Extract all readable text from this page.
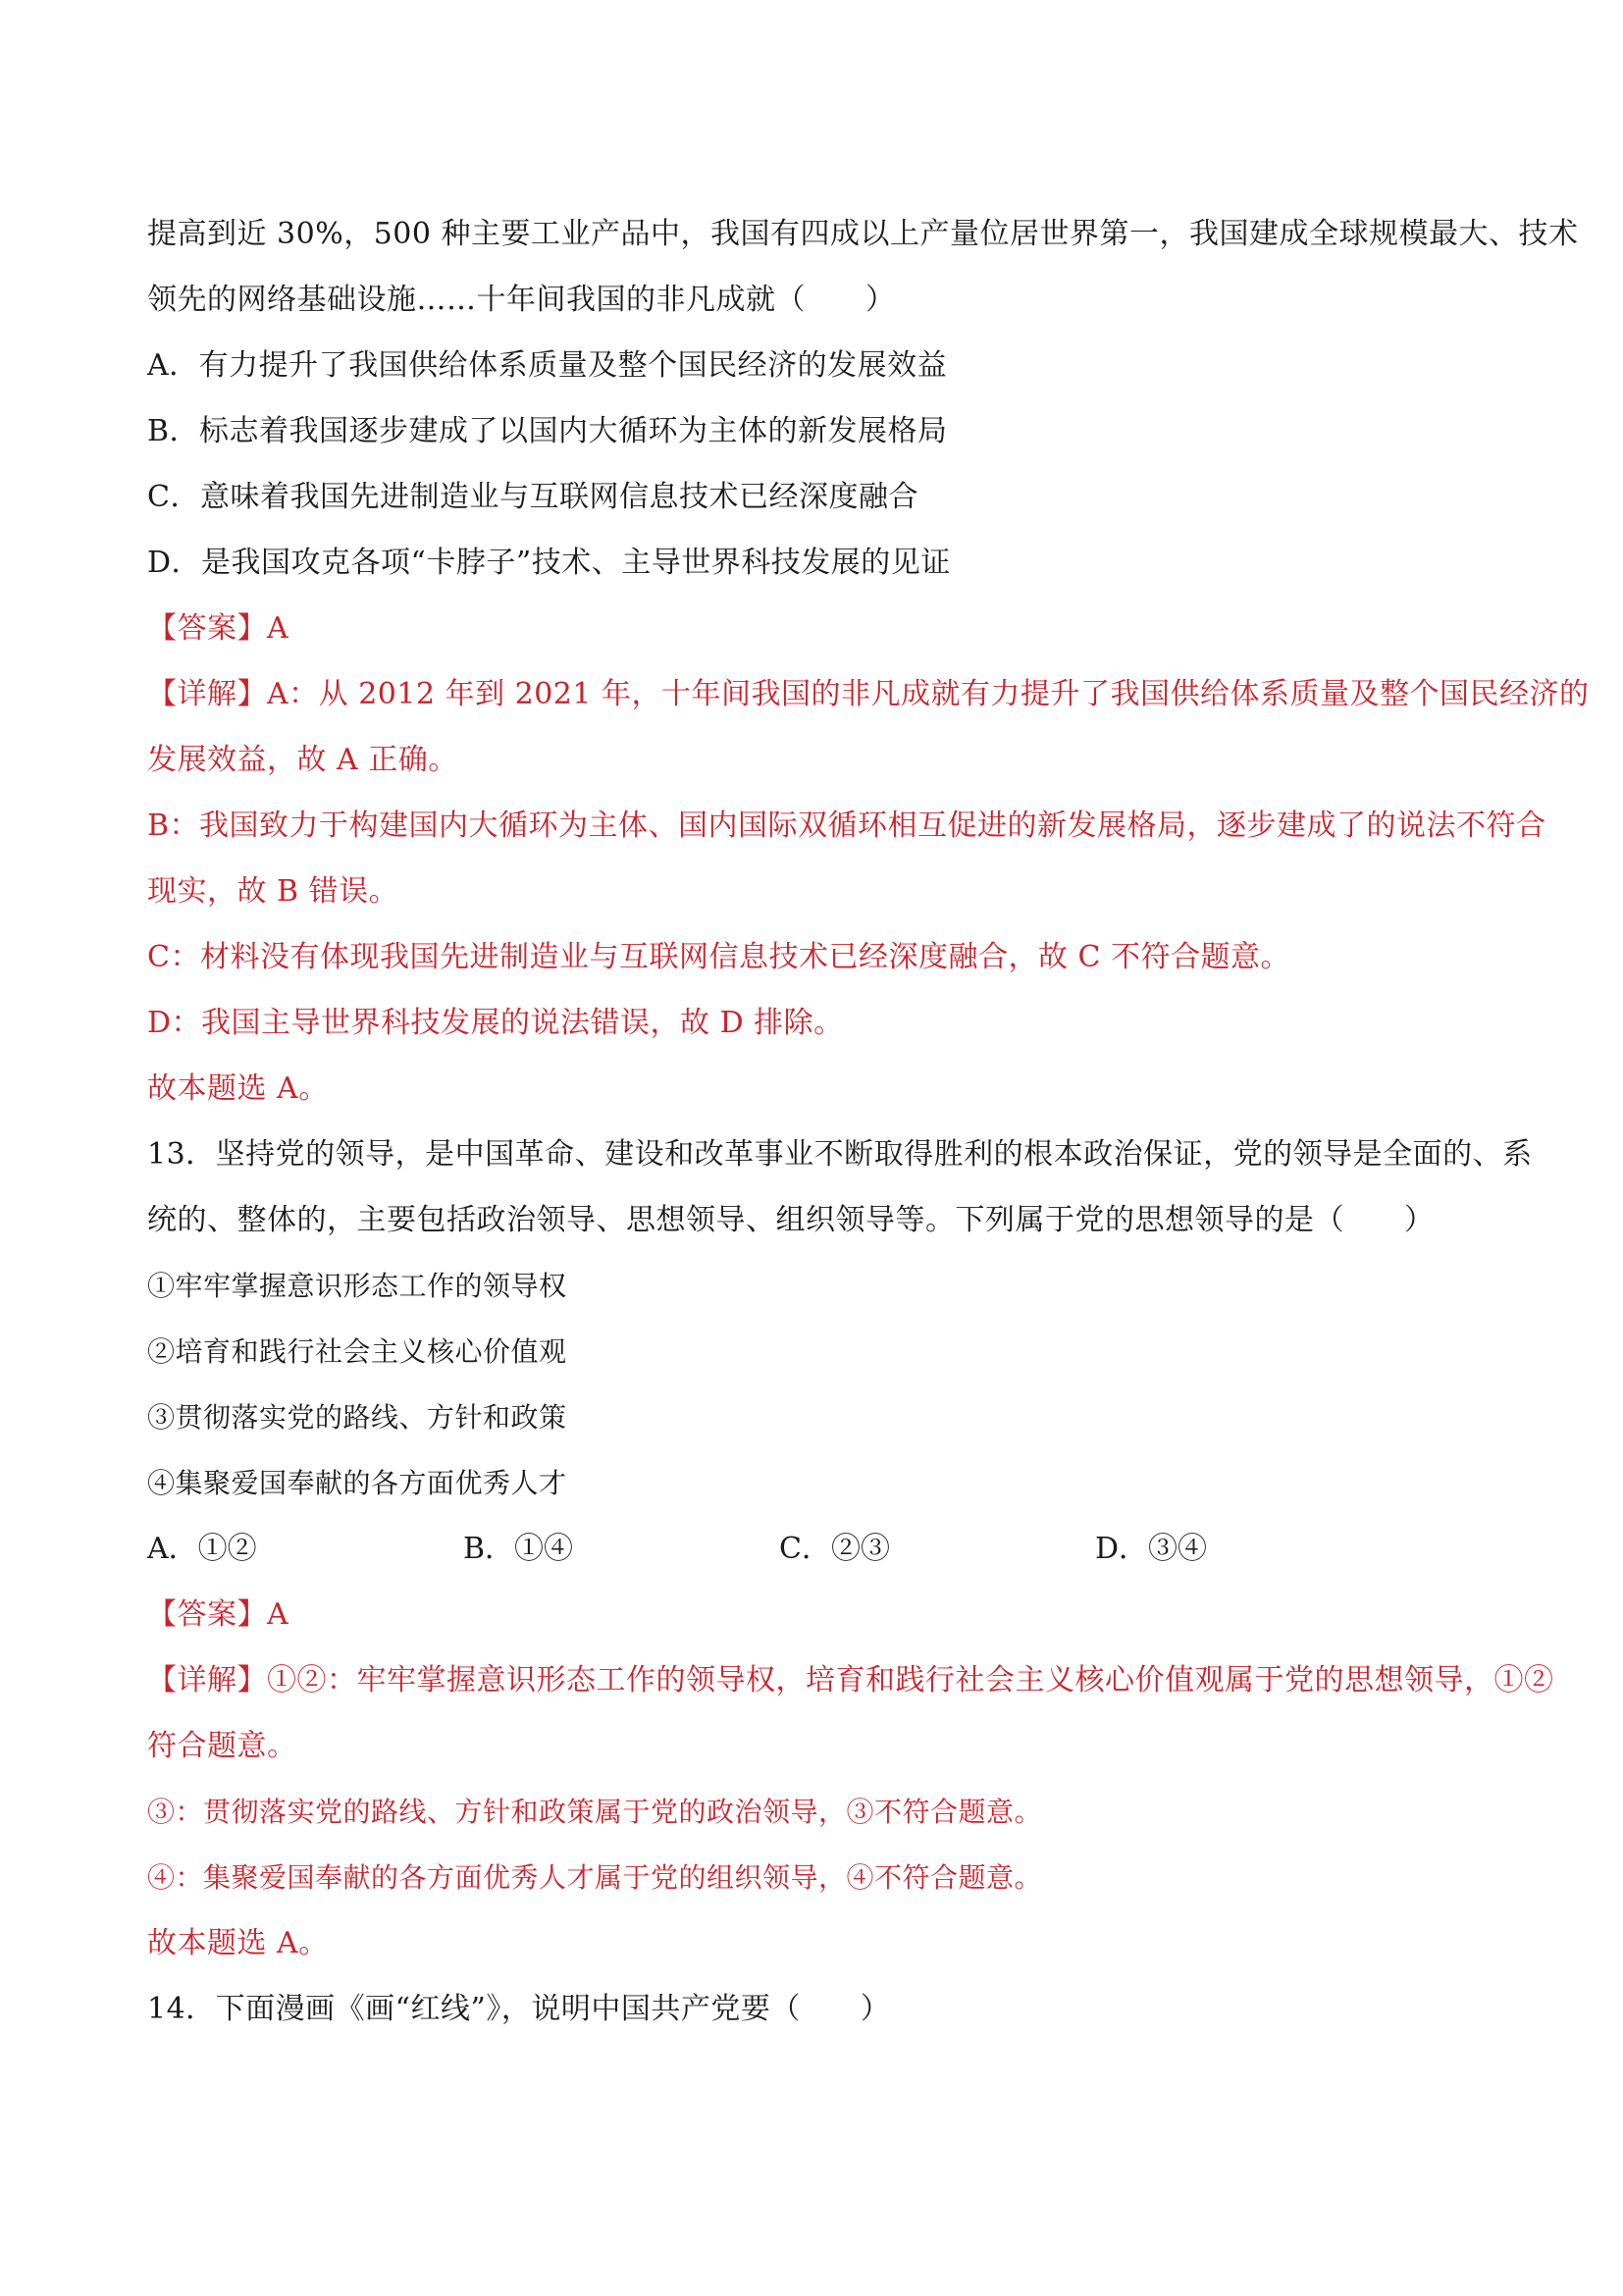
提高到近 30%，500 种主要工业产品中，我国有四成以上产量位居世界第一，我国建成全球规模最大、技术
领先的网络基础设施……十年间我国的非凡成就（　　）
A．有力提升了我国供给体系质量及整个国民经济的发展效益
B．标志着我国逐步建成了以国内大循环为主体的新发展格局
C．意味着我国先进制造业与互联网信息技术已经深度融合
D．是我国攻克各项“卡脖子”技术、主导世界科技发展的见证
【答案】A
【详解】A：从 2012 年到 2021 年，十年间我国的非凡成就有力提升了我国供给体系质量及整个国民经济的
发展效益，故 A 正确。
B：我国致力于构建国内大循环为主体、国内国际双循环相互促进的新发展格局，逐步建成了的说法不符合
现实，故 B 错误。
C：材料没有体现我国先进制造业与互联网信息技术已经深度融合，故 C 不符合题意。
D：我国主导世界科技发展的说法错误，故 D 排除。
故本题选 A。
13．坚持党的领导，是中国革命、建设和改革事业不断取得胜利的根本政治保证，党的领导是全面的、系
统的、整体的，主要包括政治领导、思想领导、组织领导等。下列属于党的思想领导的是（　　）
①牢牢掌握意识形态工作的领导权
②培育和践行社会主义核心价值观
③贯彻落实党的路线、方针和政策
④集聚爱国奉献的各方面优秀人才
A．①②	B．①④	C．②③	D．③④
【答案】A
【详解】①②：牢牢掌握意识形态工作的领导权，培育和践行社会主义核心价值观属于党的思想领导，①②
符合题意。
③：贯彻落实党的路线、方针和政策属于党的政治领导，③不符合题意。
④：集聚爱国奉献的各方面优秀人才属于党的组织领导，④不符合题意。
故本题选 A。
14．下面漫画《画“红线”》，说明中国共产党要（　　）
